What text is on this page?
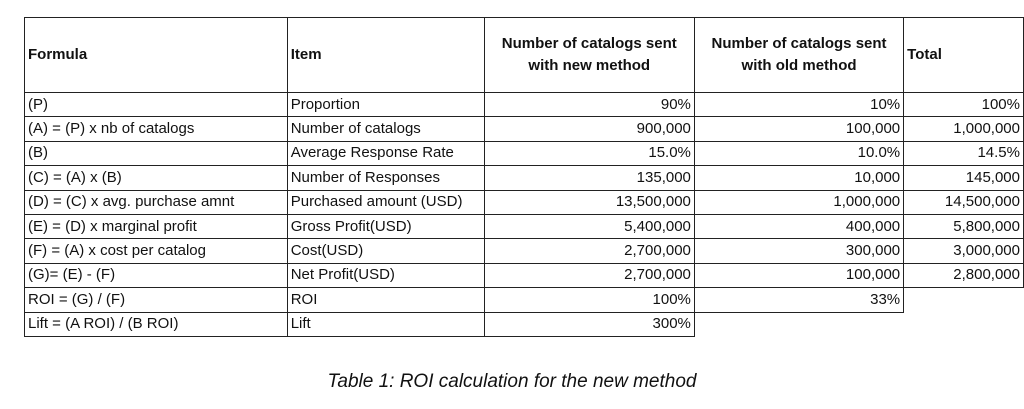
Formula	Item	Number of catalogs sent with new method	Number of catalogs sent with old method	Total
(P)	Proportion	90%	10%	100%
(A) = (P) x nb of catalogs	Number of catalogs	900,000	100,000	1,000,000
(B)	Average Response Rate	15.0%	10.0%	14.5%
(C) = (A) x (B)	Number of Responses	135,000	10,000	145,000
(D) = (C) x avg. purchase amnt	Purchased amount (USD)	13,500,000	1,000,000	14,500,000
(E) = (D) x marginal profit	Gross Profit(USD)	5,400,000	400,000	5,800,000
(F) = (A) x cost per catalog	Cost(USD)	2,700,000	300,000	3,000,000
(G)= (E) - (F)	Net Profit(USD)	2,700,000	100,000	2,800,000
ROI = (G) / (F)	ROI	100%	33%	
Lift = (A ROI) / (B ROI)	Lift	300%		
Table 1: ROI calculation for the new method
